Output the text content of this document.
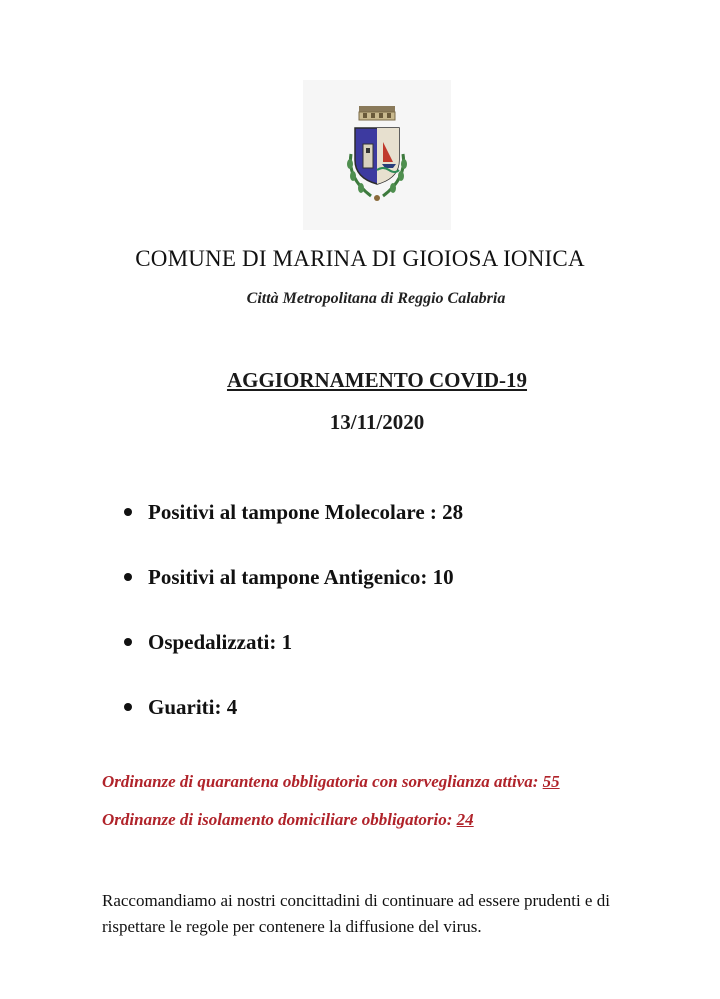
COMUNE DI MARINA DI GIOIOSA IONICA
Città Metropolitana di Reggio Calabria
AGGIORNAMENTO COVID-19
13/11/2020
Positivi al tampone Molecolare : 28
Positivi al tampone Antigenico: 10
Ospedalizzati: 1
Guariti: 4
Ordinanze di quarantena obbligatoria con sorveglianza attiva: 55
Ordinanze di isolamento domiciliare obbligatorio: 24
Raccomandiamo ai nostri concittadini di continuare ad essere prudenti e di rispettare le regole per contenere la diffusione del virus.
